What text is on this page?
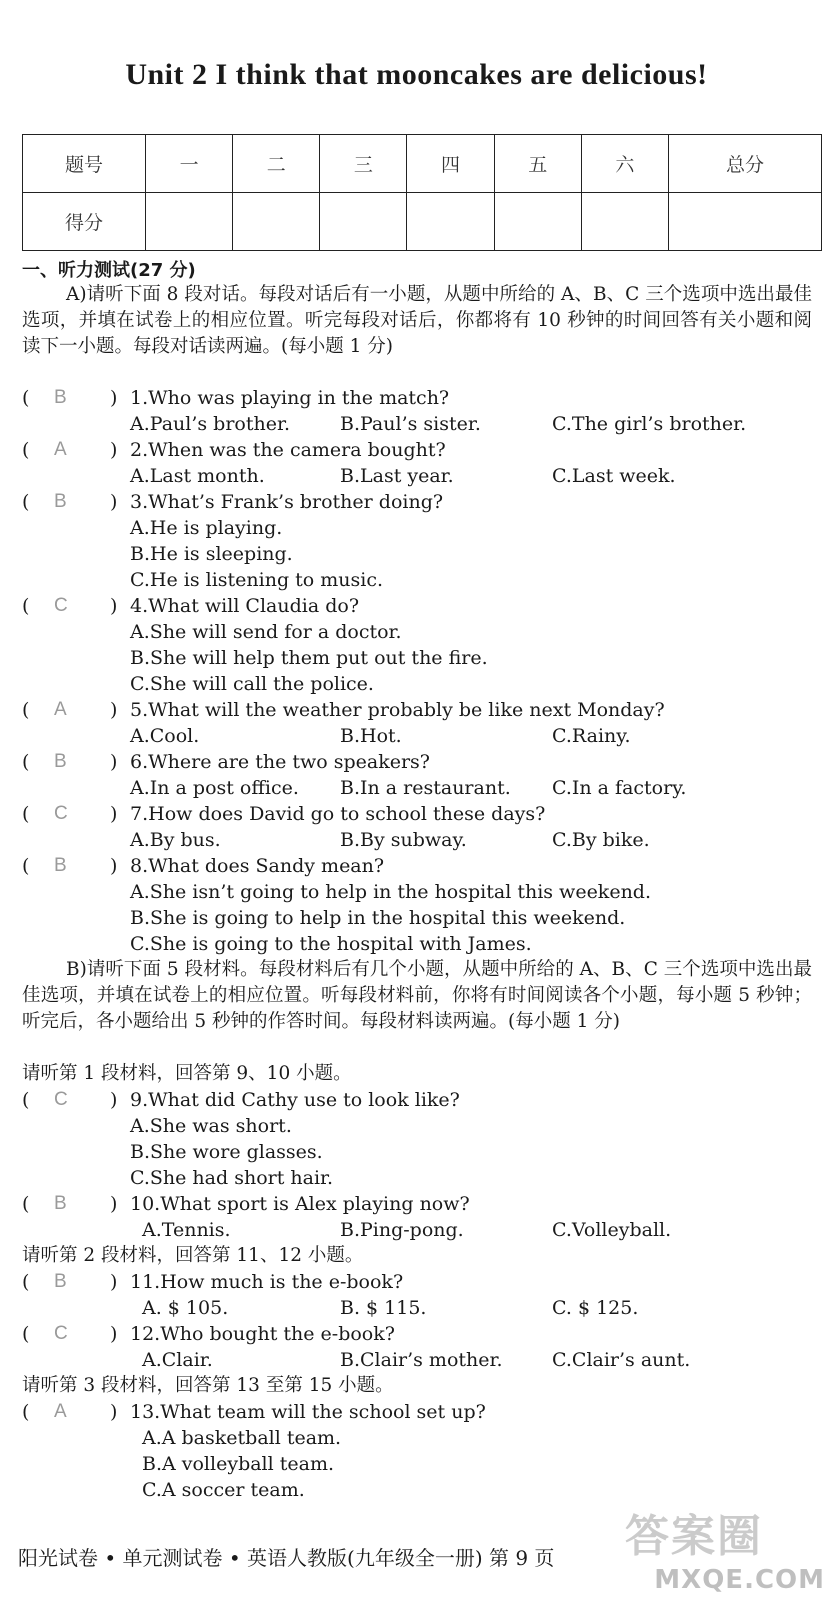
Unit 2 I think that mooncakes are delicious!
题号	一	二	三	四	五	六	总分
得分							
一、听力测试(27 分)
A)请听下面 8 段对话。每段对话后有一小题，从题中所给的 A、B、C 三个选项中选出最佳选项，并填在试卷上的相应位置。听完每段对话后，你都将有 10 秒钟的时间回答有关小题和阅读下一小题。每段对话读两遍。(每小题 1 分)
( B ) 1.Who was playing in the match?
A.Paul’s brother.	B.Paul’s sister.	C.The girl’s brother.
( A ) 2.When was the camera bought?
A.Last month.	B.Last year.	C.Last week.
( B ) 3.What’s Frank’s brother doing?
A.He is playing.
B.He is sleeping.
C.He is listening to music.
( C ) 4.What will Claudia do?
A.She will send for a doctor.
B.She will help them put out the fire.
C.She will call the police.
( A ) 5.What will the weather probably be like next Monday?
A.Cool.	B.Hot.	C.Rainy.
( B ) 6.Where are the two speakers?
A.In a post office. B.In a restaurant. C.In a factory.
( C ) 7.How does David go to school these days?
A.By bus.	B.By subway.	C.By bike.
( B ) 8.What does Sandy mean?
A.She isn’t going to help in the hospital this weekend.
B.She is going to help in the hospital this weekend.
C.She is going to the hospital with James.
B)请听下面 5 段材料。每段材料后有几个小题，从题中所给的 A、B、C 三个选项中选出最佳选项，并填在试卷上的相应位置。听每段材料前，你将有时间阅读各个小题，每小题 5 秒钟；听完后，各小题给出 5 秒钟的作答时间。每段材料读两遍。(每小题 1 分)
请听第 1 段材料，回答第 9、10 小题。
( C ) 9.What did Cathy use to look like?
A.She was short.
B.She wore glasses.
C.She had short hair.
( B ) 10.What sport is Alex playing now?
A.Tennis.	B.Ping-pong.	C.Volleyball.
请听第 2 段材料，回答第 11、12 小题。
( B ) 11.How much is the e-book?
A. $ 105.	B. $ 115.	C. $ 125.
( C ) 12.Who bought the e-book?
A.Clair.	B.Clair’s mother.	C.Clair’s aunt.
请听第 3 段材料，回答第 13 至第 15 小题。
( A ) 13.What team will the school set up?
A.A basketball team.
B.A volleyball team.
C.A soccer team.
阳光试卷 • 单元测试卷 • 英语人教版(九年级全一册) 第 9 页 答案圈
MXQE.COM
